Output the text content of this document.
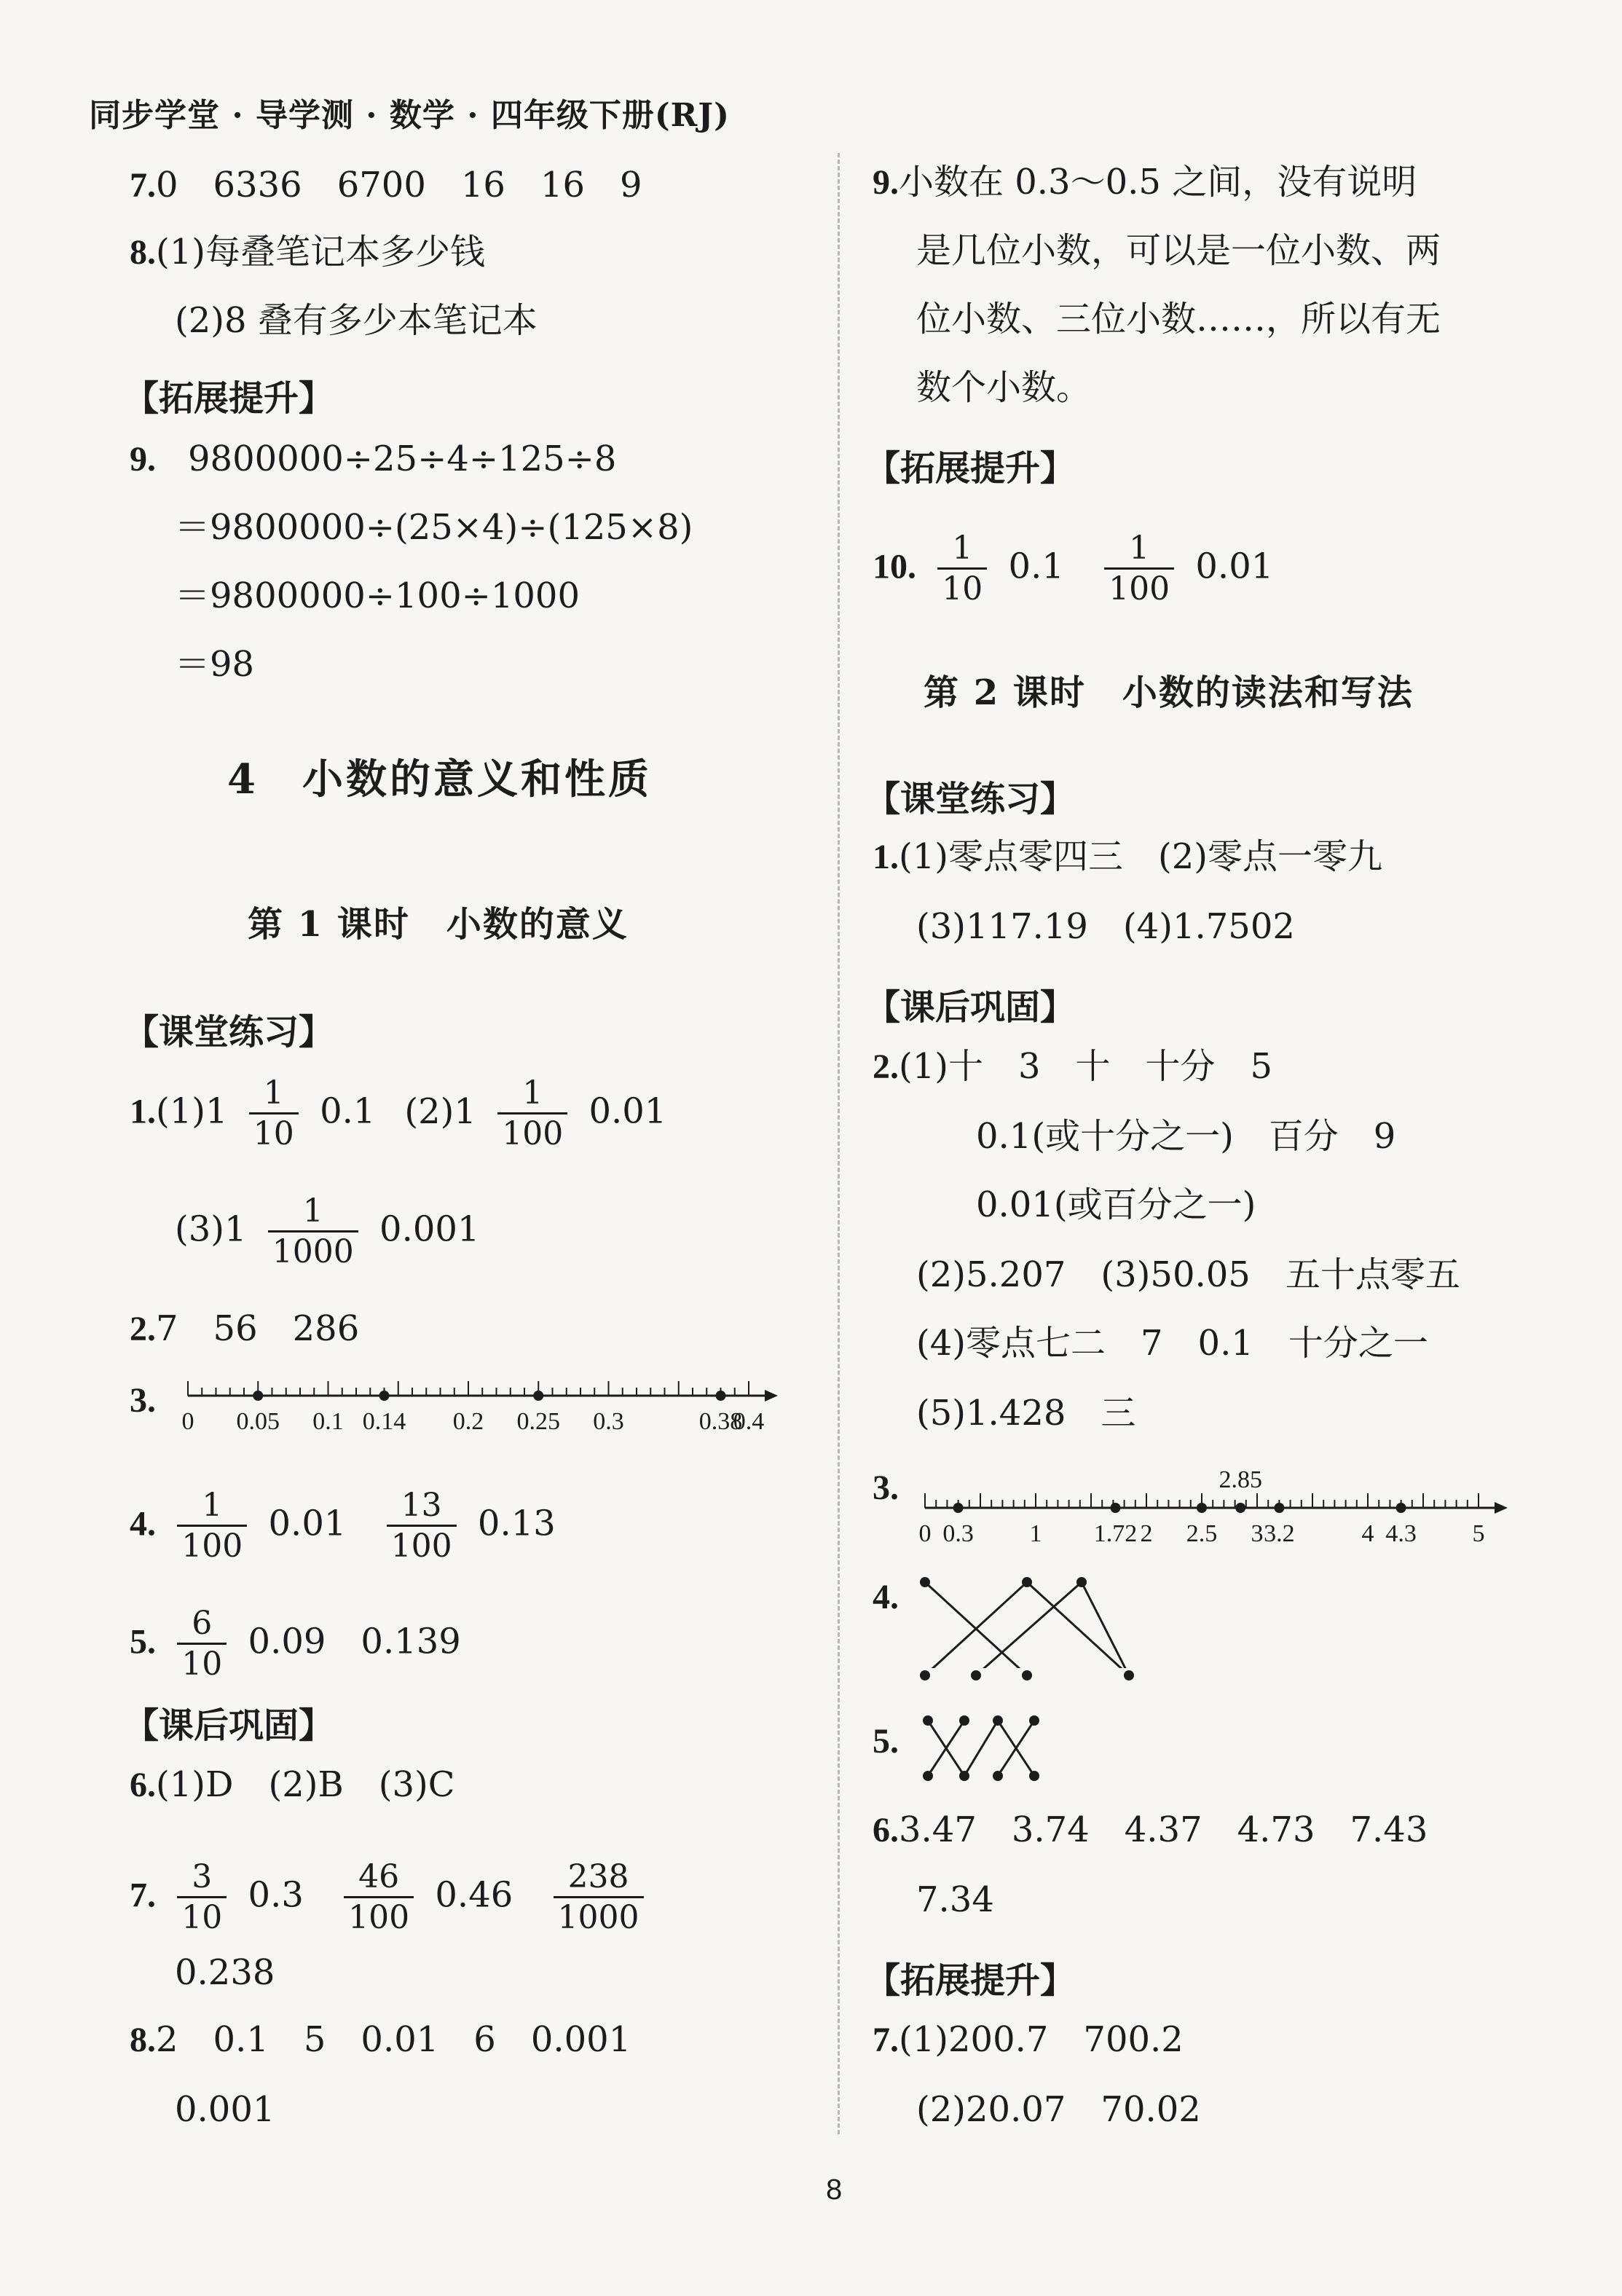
同步学堂 · 导学测 · 数学 · 四年级下册(RJ)
7.0　6336　6700　16　16　9
8.(1)每叠笔记本多少钱
(2)8 叠有多少本笔记本
【拓展提升】
9. 9800000÷25÷4÷125÷8
＝9800000÷(25×4)÷(125×8)
＝9800000÷100÷1000
＝98
4　小数的意义和性质
第 1 课时　小数的意义
【课堂练习】
$1.(1)1 \frac{1}{10} 0.1$ $(2)1 \frac{1}{100} 0.01$
$(3)1 \frac{1}{1000} 0.001$
2.7　56　286
3.
0 0.05 0.1 0.14 0.2 0.25 0.3	0.38
0.4
4. $\frac{1}{100} 0.01 \frac{13}{100} 0.13$
5. $\frac{6}{10} 0.09$　0.139
【课后巩固】
6.(1)D　(2)B　(3)C
7. $\frac{3}{10} 0.3 \frac{46}{100} 0.46 \frac{238}{1000}$
0.238
8.2　0.1　5　0.01　6　0.001
0.001
9.小数在 0.3～0.5 之间，没有说明
是几位小数，可以是一位小数、两
位小数、三位小数……，所以有无
数个小数。
【拓展提升】
10. $\frac{1}{10} 0.1 \frac{1}{100} 0.01$
第 2 课时　小数的读法和写法
【课堂练习】
1.(1)零点零四三　(2)零点一零九
(3)117.19　(4)1.7502
【课后巩固】
2.(1)十　3　十　十分　5
0.1(或十分之一)　百分　9
0.01(或百分之一)
(2)5.207　(3)50.05　五十点零五
(4)零点七二　7　0.1　十分之一
(5)1.428　三
3.
0 0.3 1 1.72 2 2.5 3 3.2	4 4.3 5
2.85
4.
5.
6.3.47　3.74　4.37　4.73　7.43
7.34
【拓展提升】
7.(1)200.7　700.2
(2)20.07　70.02
8
